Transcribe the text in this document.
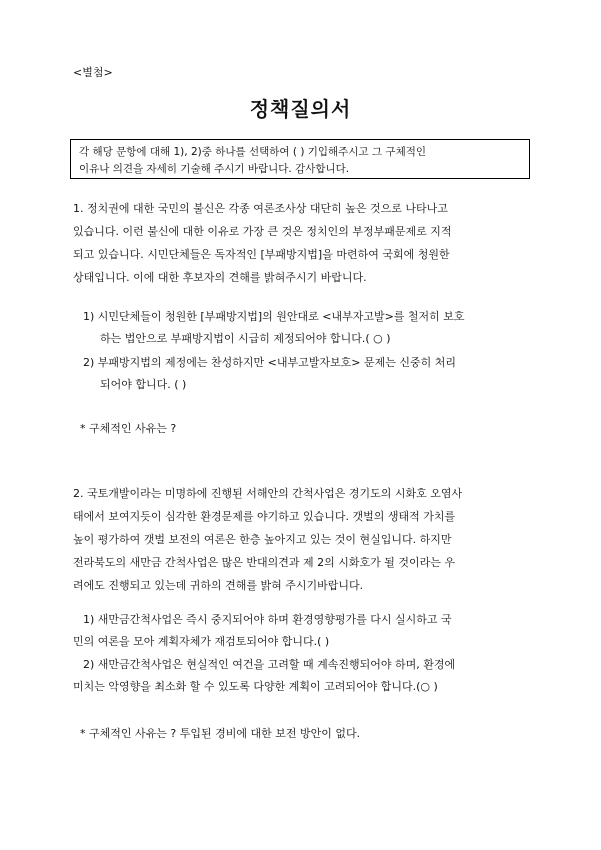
<별첨>
정책질의서
각 해당 문항에 대해 1), 2)중 하나를 선택하여 ( ) 기입해주시고 그 구체적인
이유나 의견을 자세히 기술해 주시기 바랍니다. 감사합니다.
1. 정치권에 대한 국민의 불신은 각종 여론조사상 대단히 높은 것으로 나타나고
있습니다. 이런 불신에 대한 이유로 가장 큰 것은 정치인의 부정부패문제로 지적
되고 있습니다. 시민단체들은 독자적인 [부패방지법]을 마련하여 국회에 청원한
상태입니다. 이에 대한 후보자의 견해를 밝혀주시기 바랍니다.
1) 시민단체들이 청원한 [부패방지법]의 원안대로 <내부자고발>를 철저히 보호
하는 법안으로 부패방지법이 시급히 제정되어야 합니다.( ○ )
2) 부패방지법의 제정에는 찬성하지만 <내부고발자보호> 문제는 신중히 처리
되어야 합니다. ( )
* 구체적인 사유는 ?
2. 국토개발이라는 미명하에 진행된 서해안의 간척사업은 경기도의 시화호 오염사
태에서 보여지듯이 심각한 환경문제를 야기하고 있습니다. 갯벌의 생태적 가치를
높이 평가하여 갯벌 보전의 여론은 한층 높아지고 있는 것이 현실입니다. 하지만
전라북도의 새만금 간척사업은 많은 반대의견과 제 2의 시화호가 될 것이라는 우
려에도 진행되고 있는데 귀하의 견해를 밝혀 주시기바랍니다.
1) 새만금간척사업은 즉시 중지되어야 하며 환경영향평가를 다시 실시하고 국
민의 여론을 모아 계획자체가 재검토되어야 합니다.( )
2) 새만금간척사업은 현실적인 여건을 고려할 때 계속진행되어야 하며, 환경에
미치는 악영향을 최소화 할 수 있도록 다양한 계획이 고려되어야 합니다.(○ )
* 구체적인 사유는 ? 투입된 경비에 대한 보전 방안이 없다.
